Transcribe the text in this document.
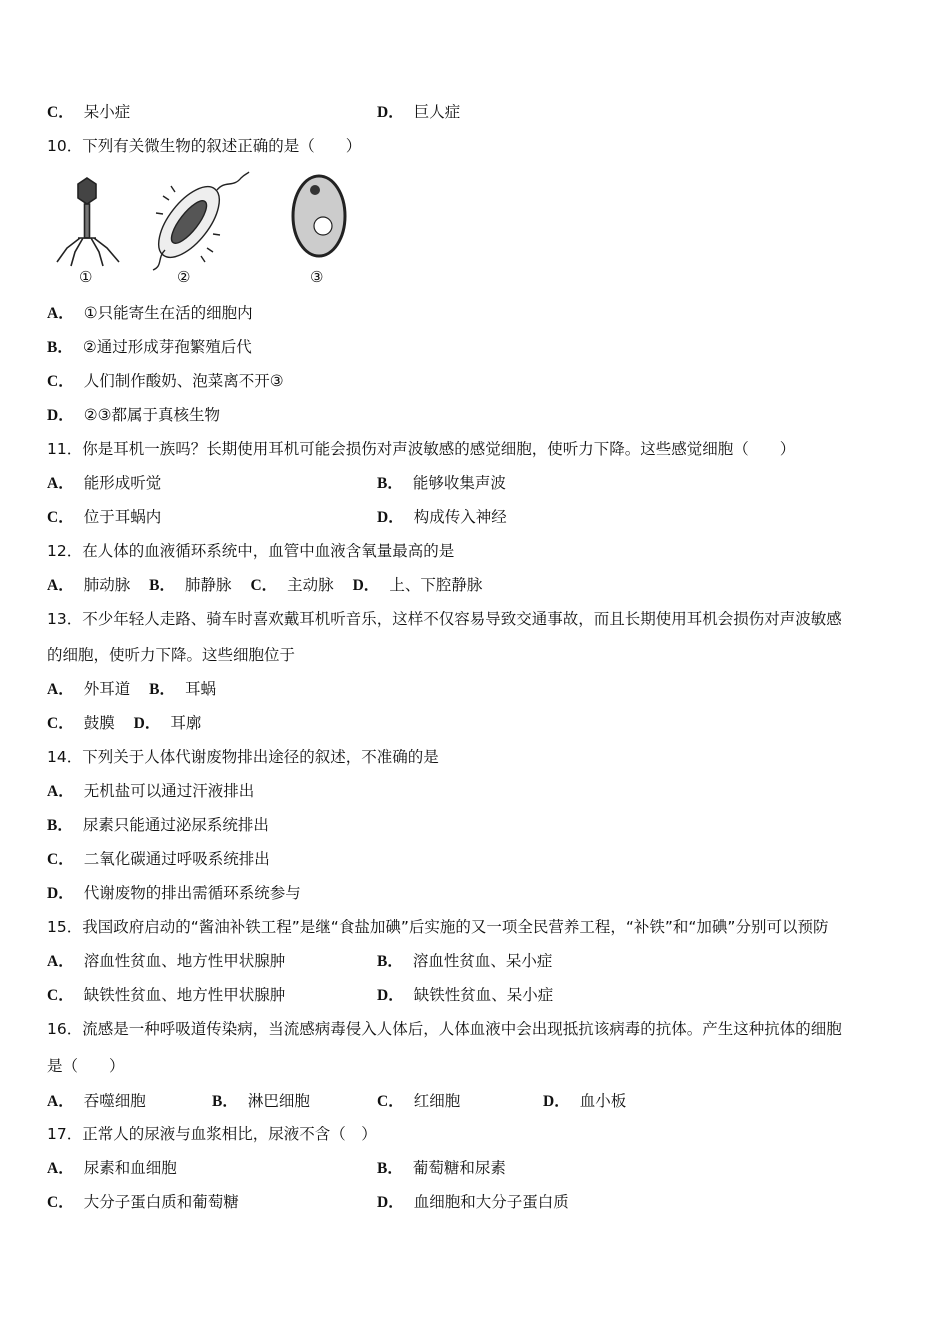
C． 呆小症	D． 巨人症
10．下列有关微生物的叙述正确的是（　　）
①	②	③
A． ①只能寄生在活的细胞内
B． ②通过形成芽孢繁殖后代
C． 人们制作酸奶、泡菜离不开③
D． ②③都属于真核生物
11．你是耳机一族吗？长期使用耳机可能会损伤对声波敏感的感觉细胞，使听力下降。这些感觉细胞（　　）
A． 能形成听觉	B． 能够收集声波
C． 位于耳蜗内	D． 构成传入神经
12．在人体的血液循环系统中，血管中血液含氧量最高的是
A． 肺动脉 B． 肺静脉 C． 主动脉 D． 上、下腔静脉
13．不少年轻人走路、骑车时喜欢戴耳机听音乐，这样不仅容易导致交通事故，而且长期使用耳机会损伤对声波敏感
的细胞，使听力下降。这些细胞位于
A． 外耳道 B． 耳蜗
C． 鼓膜 D． 耳廓
14．下列关于人体代谢废物排出途径的叙述，不准确的是
A． 无机盐可以通过汗液排出
B． 尿素只能通过泌尿系统排出
C． 二氧化碳通过呼吸系统排出
D． 代谢废物的排出需循环系统参与
15．我国政府启动的“酱油补铁工程”是继“食盐加碘”后实施的又一项全民营养工程，“补铁”和“加碘”分别可以预防
A． 溶血性贫血、地方性甲状腺肿	B． 溶血性贫血、呆小症
C． 缺铁性贫血、地方性甲状腺肿	D． 缺铁性贫血、呆小症
16．流感是一种呼吸道传染病，当流感病毒侵入人体后，人体血液中会出现抵抗该病毒的抗体。产生这种抗体的细胞
是（　　）
A． 吞噬细胞	B． 淋巴细胞	C． 红细胞	D． 血小板
17．正常人的尿液与血浆相比，尿液不含（　）
A． 尿素和血细胞	B． 葡萄糖和尿素
C． 大分子蛋白质和葡萄糖	D． 血细胞和大分子蛋白质
